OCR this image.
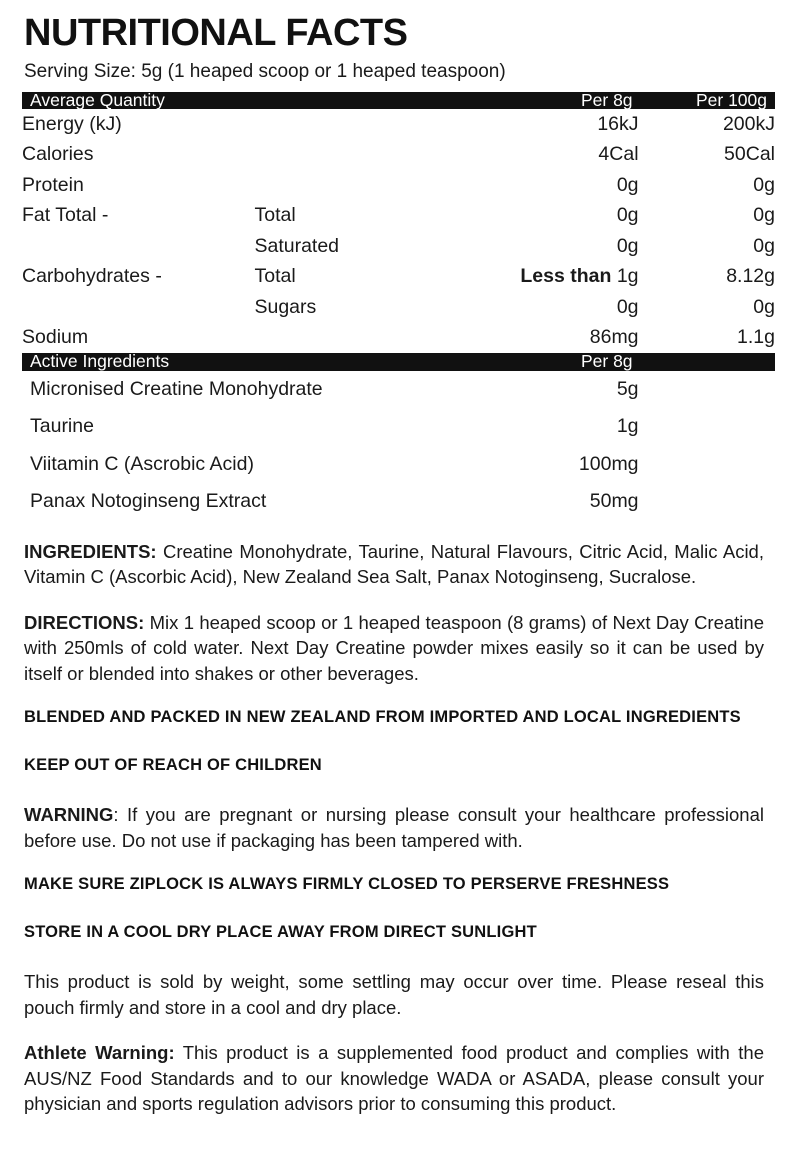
NUTRITIONAL FACTS
Serving Size: 5g (1 heaped scoop or 1 heaped teaspoon)
Average Quantity		Per 8g	Per 100g
Energy (kJ)		16kJ	200kJ
Calories		4Cal	50Cal
Protein		0g	0g
Fat Total -	Total	0g	0g
	Saturated	0g	0g
Carbohydrates -	Total	Less than 1g	8.12g
	Sugars	0g	0g
Sodium		86mg	1.1g
Active Ingredients	Per 8g	
Micronised Creatine Monohydrate	5g	
Taurine	1g	
Viitamin C (Ascrobic Acid)	100mg	
Panax Notoginseng Extract	50mg	

INGREDIENTS: Creatine Monohydrate, Taurine, Natural Flavours, Citric Acid, Malic Acid, Vitamin C (Ascorbic Acid), New Zealand Sea Salt, Panax Notoginseng, Sucralose.

DIRECTIONS: Mix 1 heaped scoop or 1 heaped teaspoon (8 grams) of Next Day Creatine with 250mls of cold water. Next Day Creatine powder mixes easily so it can be used by itself or blended into shakes or other beverages.

BLENDED AND PACKED IN NEW ZEALAND FROM IMPORTED AND LOCAL INGREDIENTS

KEEP OUT OF REACH OF CHILDREN

WARNING: If you are pregnant or nursing please consult your healthcare professional before use. Do not use if packaging has been tampered with.

MAKE SURE ZIPLOCK IS ALWAYS FIRMLY CLOSED TO PERSERVE FRESHNESS

STORE IN A COOL DRY PLACE AWAY FROM DIRECT SUNLIGHT

This product is sold by weight, some settling may occur over time. Please reseal this pouch firmly and store in a cool and dry place.

Athlete Warning: This product is a supplemented food product and complies with the AUS/NZ Food Standards and to our knowledge WADA or ASADA, please consult your physician and sports regulation advisors prior to consuming this product.
